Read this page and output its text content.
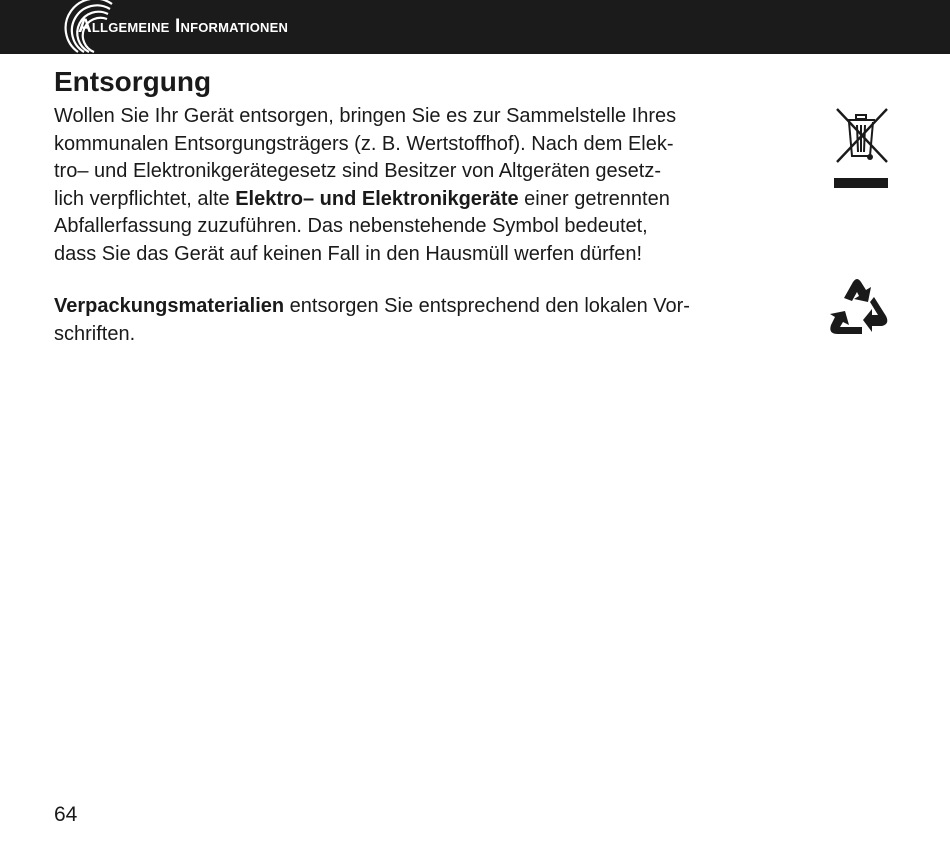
Allgemeine Informationen
Entsorgung

Wollen Sie Ihr Gerät entsorgen, bringen Sie es zur Sammelstelle Ihres
kommunalen Entsorgungsträgers (z. B. Wertstoffhof). Nach dem Elek-
tro– und Elektronikgerätegesetz sind Besitzer von Altgeräten gesetz-
lich verpflichtet, alte Elektro– und Elektronikgeräte einer getrennten
Abfallerfassung zuzuführen. Das nebenstehende Symbol bedeutet,
dass Sie das Gerät auf keinen Fall in den Hausmüll werfen dürfen!

Verpackungsmaterialien entsorgen Sie entsprechend den lokalen Vor-
schriften.

64
